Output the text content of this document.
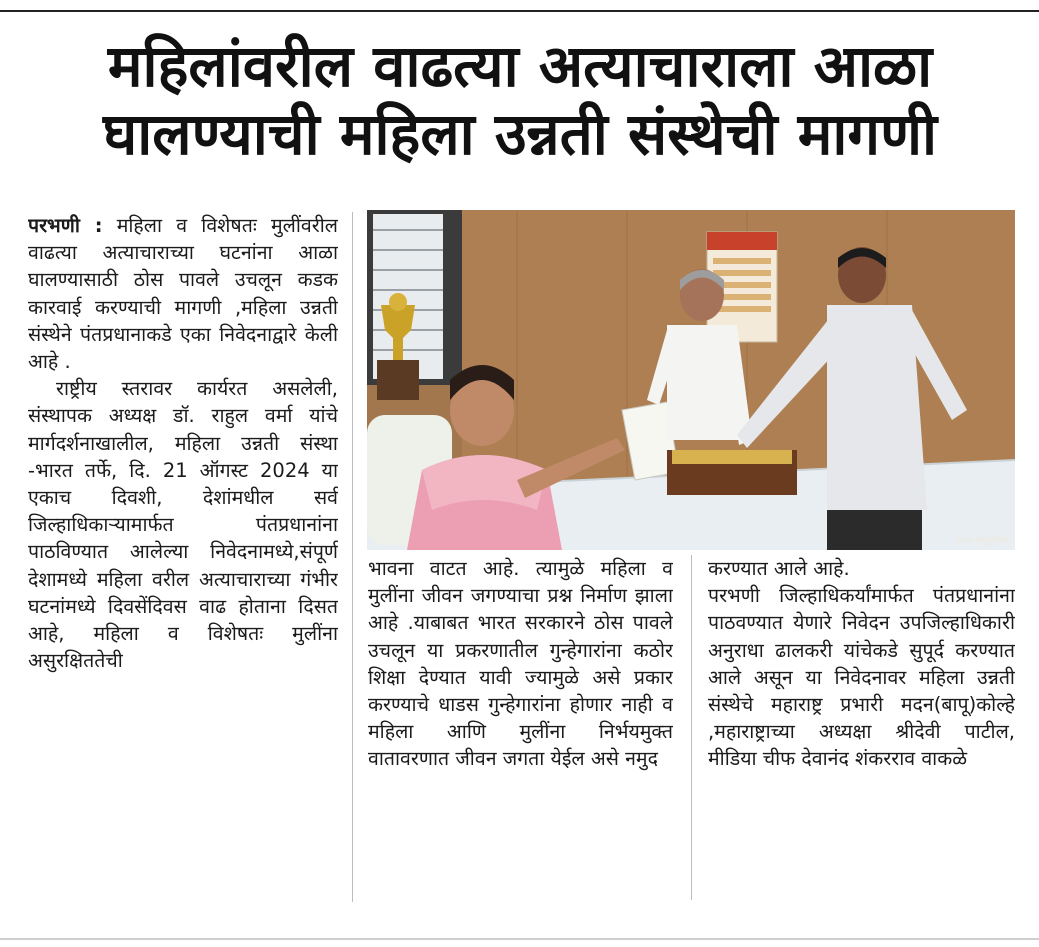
महिलांवरील वाढत्या अत्याचाराला आळा
घालण्याची महिला उन्नती संस्थेची मागणी

परभणी : महिला व विशेषतः मुलींवरील वाढत्या अत्याचाराच्या घटनांना आळा घालण्यासाठी ठोस पावले उचलून कडक कारवाई करण्याची मागणी ,महिला उन्नती संस्थेने पंतप्रधानाकडे एका निवेदनाद्वारे केली आहे .

राष्ट्रीय स्तरावर कार्यरत असलेली, संस्थापक अध्यक्ष डॉ. राहुल वर्मा यांचे मार्गदर्शनाखालील, महिला उन्नती संस्था -भारत तर्फे, दि. 21 ऑगस्ट 2024 या एकाच दिवशी, देशांमधील सर्व जिल्हाधिकाऱ्यामार्फत पंतप्रधानांना पाठविण्यात आलेल्या निवेदनामध्ये,संपूर्ण देशामध्ये महिला वरील अत्याचाराच्या गंभीर घटनांमध्ये दिवसेंदिवस वाढ होताना दिसत आहे, महिला व विशेषतः मुलींना असुरक्षिततेची

उत्तम बोरसुरीकर

भावना वाटत आहे. त्यामुळे महिला व मुलींना जीवन जगण्याचा प्रश्न निर्माण झाला आहे .याबाबत भारत सरकारने ठोस पावले उचलून या प्रकरणातील गुन्हेगारांना कठोर शिक्षा देण्यात यावी ज्यामुळे असे प्रकार करण्याचे धाडस गुन्हेगारांना होणार नाही व महिला आणि मुलींना निर्भयमुक्त वातावरणात जीवन जगता येईल असे नमुद

करण्यात आले आहे.

परभणी जिल्हाधिकर्यांमार्फत पंतप्रधानांना पाठवण्यात येणारे निवेदन उपजिल्हाधिकारी अनुराधा ढालकरी यांचेकडे सुपूर्द करण्यात आले असून या निवेदनावर महिला उन्नती संस्थेचे महाराष्ट्र प्रभारी मदन(बापू)कोल्हे ,महाराष्ट्राच्या अध्यक्षा श्रीदेवी पाटील, मीडिया चीफ देवानंद शंकरराव वाकळे
